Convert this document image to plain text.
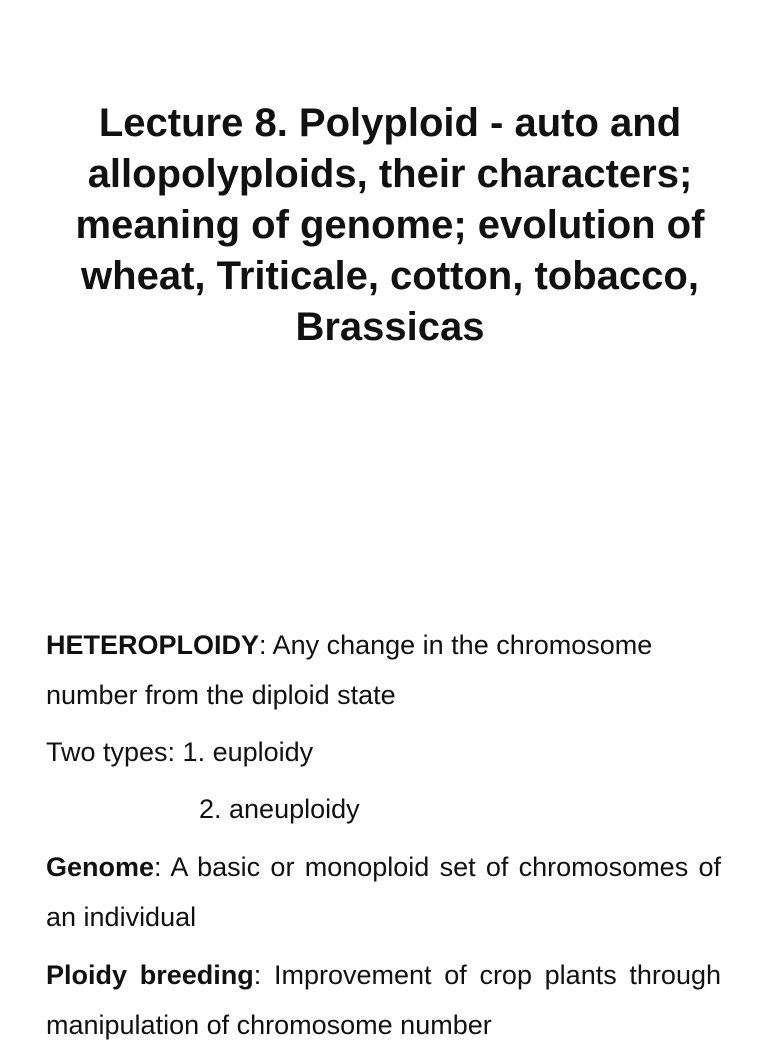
Lecture 8. Polyploid - auto and allopolyploids, their characters; meaning of genome; evolution of wheat, Triticale, cotton, tobacco, Brassicas

HETEROPLOIDY: Any change in the chromosome number from the diploid state

Two types: 1. euploidy

2. aneuploidy

Genome: A basic or monoploid set of chromosomes of an individual

Ploidy breeding: Improvement of crop plants through manipulation of chromosome number
